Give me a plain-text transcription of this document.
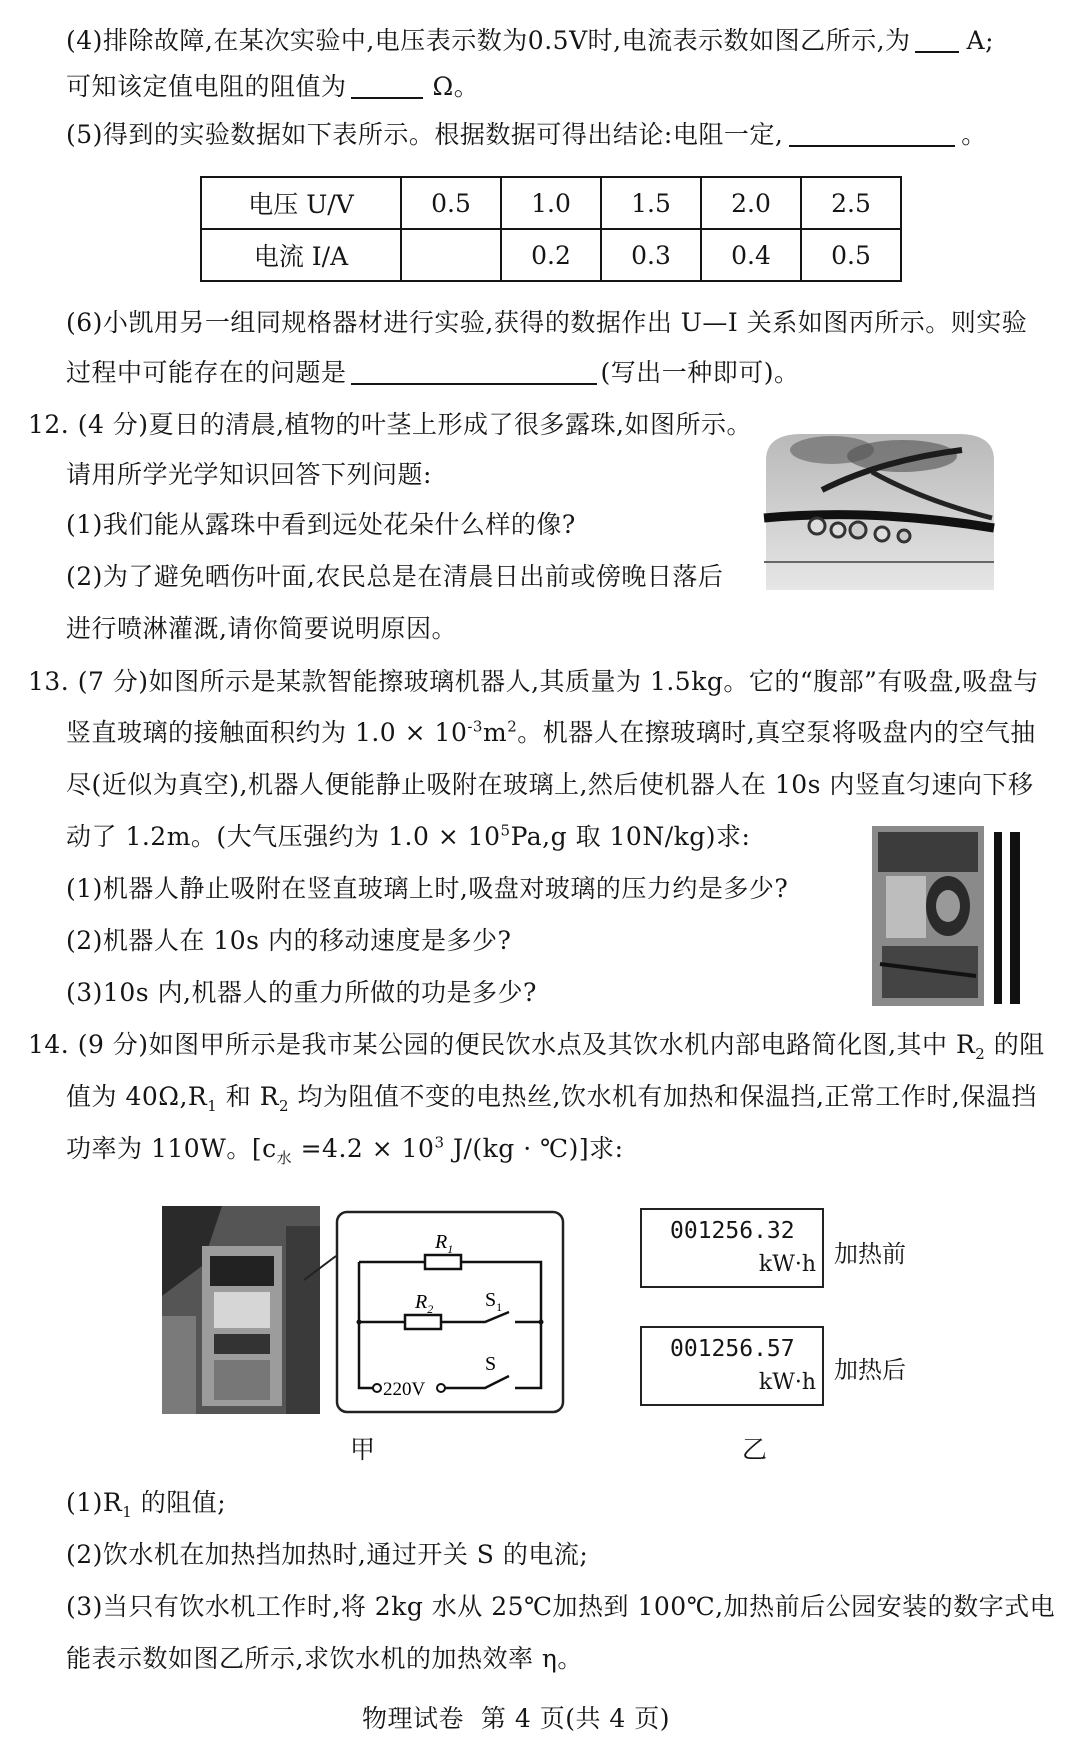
(4)排除故障,在某次实验中,电压表示数为0.5V时,电流表示数如图乙所示,为 A;
可知该定值电阻的阻值为	Ω。
(5)得到的实验数据如下表所示。根据数据可得出结论:电阻一定,	。
电压 U/V	0.5	1.0	1.5	2.0	2.5
电流 I/A		0.2	0.3	0.4	0.5
(6)小凯用另一组同规格器材进行实验,获得的数据作出 U—I 关系如图丙所示。则实验
过程中可能存在的问题是	(写出一种即可)。
12. (4 分)夏日的清晨,植物的叶茎上形成了很多露珠,如图所示。
请用所学光学知识回答下列问题:
(1)我们能从露珠中看到远处花朵什么样的像?
(2)为了避免晒伤叶面,农民总是在清晨日出前或傍晚日落后
进行喷淋灌溉,请你简要说明原因。
13. (7 分)如图所示是某款智能擦玻璃机器人,其质量为 1.5kg。它的“腹部”有吸盘,吸盘与
竖直玻璃的接触面积约为 $1.0 \times 10^{-3}m^2$。机器人在擦玻璃时,真空泵将吸盘内的空气抽
尽(近似为真空),机器人便能静止吸附在玻璃上,然后使机器人在 10s 内竖直匀速向下移
动了 1.2m。(大气压强约为 $1.0 \times 10^5Pa,g$ 取 10N/kg)求:
(1)机器人静止吸附在竖直玻璃上时,吸盘对玻璃的压力约是多少?
(2)机器人在 10s 内的移动速度是多少?
(3)10s 内,机器人的重力所做的功是多少?
14. (9 分)如图甲所示是我市某公园的便民饮水点及其饮水机内部电路简化图,其中 $R_2$ 的阻
值为 $40\Omega,R_1$ 和 $R_2$ 均为阻值不变的电热丝,饮水机有加热和保温挡,正常工作时,保温挡
功率为 110W。[$c_水 =4.2 \times 10^3$ J/(kg · ℃)]求:
$R_1$
$R_2$	$S_1$
S
220V
甲
001256.32
kW·h 加热前
001256.57
kW·h 加热后
乙
$(1)R_1$ 的阻值;
(2)饮水机在加热挡加热时,通过开关 S 的电流;
(3)当只有饮水机工作时,将 2kg 水从 25℃加热到 100℃,加热前后公园安装的数字式电
能表示数如图乙所示,求饮水机的加热效率 η。
物理试卷  第 4 页(共 4 页)
